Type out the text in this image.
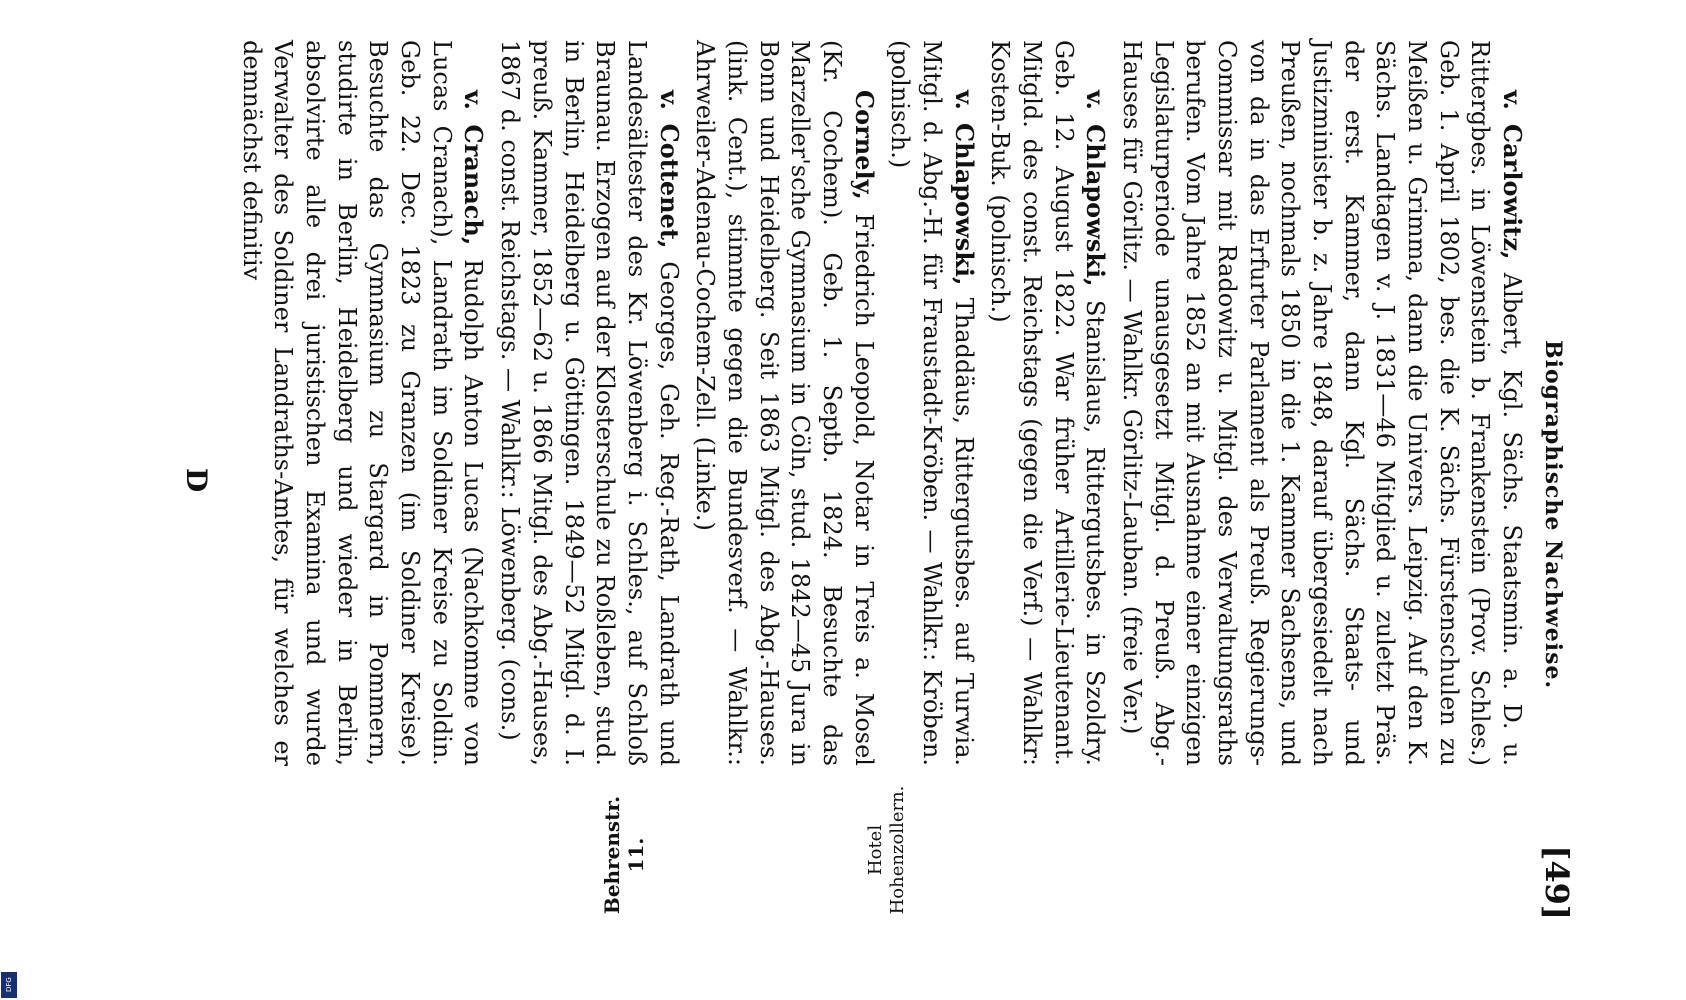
DFG
Biographische Nachweise.
[49]

v. Carlowitz, Albert, Kgl. Sächs. Staatsmin. a. D. u. Rittergbes. in Löwenstein b. Frankenstein (Prov. Schles.) Geb. 1. April 1802, bes. die K. Sächs. Fürstenschulen zu Meißen u. Grimma, dann die Univers. Leipzig. Auf den K. Sächs. Landtagen v. J. 1831—46 Mitglied u. zuletzt Präs. der erst. Kammer, dann Kgl. Sächs. Staats- und Justizminister b. z. Jahre 1848, darauf übergesiedelt nach Preußen, nochmals 1850 in die 1. Kammer Sachsens, und von da in das Erfurter Parlament als Preuß. Regierungs-Commissar mit Radowitz u. Mitgl. des Verwaltungsraths berufen. Vom Jahre 1852 an mit Ausnahme einer einzigen Legislaturperiode unausgesetzt Mitgl. d. Preuß. Abg.-Hauses für Görlitz. — Wahlkr. Görlitz-Lauban. (freie Ver.)

v. Chlapowski, Stanislaus, Rittergutsbes. in Szoldry. Geb. 12. August 1822. War früher Artillerie-Lieutenant. Mitgld. des const. Reichstags (gegen die Verf.) — Wahlkr: Kosten-Buk. (polnisch.)

v. Chlapowski, Thaddäus, Rittergutsbes. auf Turwia. Mitgl. d. Abg.-H. für Fraustadt-Kröben. — Wahlkr.: Kröben. (polnisch.)

Cornely, Friedrich Leopold, Notar in Treis a. Mosel (Kr. Cochem). Geb. 1. Septb. 1824. Besuchte das Marzeller'sche Gymnasium in Cöln, stud. 1842—45 Jura in Bonn und Heidelberg. Seit 1863 Mitgl. des Abg.-Hauses. (link. Cent.), stimmte gegen die Bundesverf. — Wahlkr.: Ahrweiler-Adenau-Cochem-Zell. (Linke.)

v. Cottenet, Georges, Geh. Reg.-Rath, Landrath und Landesältester des Kr. Löwenberg i. Schles., auf Schloß Braunau. Erzogen auf der Klosterschule zu Roßleben, stud. in Berlin, Heidelberg u. Göttingen. 1849—52 Mitgl. d. I. preuß. Kammer, 1852—62 u. 1866 Mitgl. des Abg.-Hauses, 1867 d. const. Reichstags. — Wahlkr.: Löwenberg. (cons.)

v. Cranach, Rudolph Anton Lucas (Nachkomme von Lucas Cranach), Landrath im Soldiner Kreise zu Soldin. Geb. 22. Dec. 1823 zu Granzen (im Soldiner Kreise). Besuchte das Gymnasium zu Stargard in Pommern, studirte in Berlin, Heidelberg und wieder in Berlin, absolvirte alle drei juristischen Examina und wurde Verwalter des Soldiner Landraths-Amtes, für welches er demnächst definitiv

Hotel Hohenzollern.
Behrenstr. 11.
D
